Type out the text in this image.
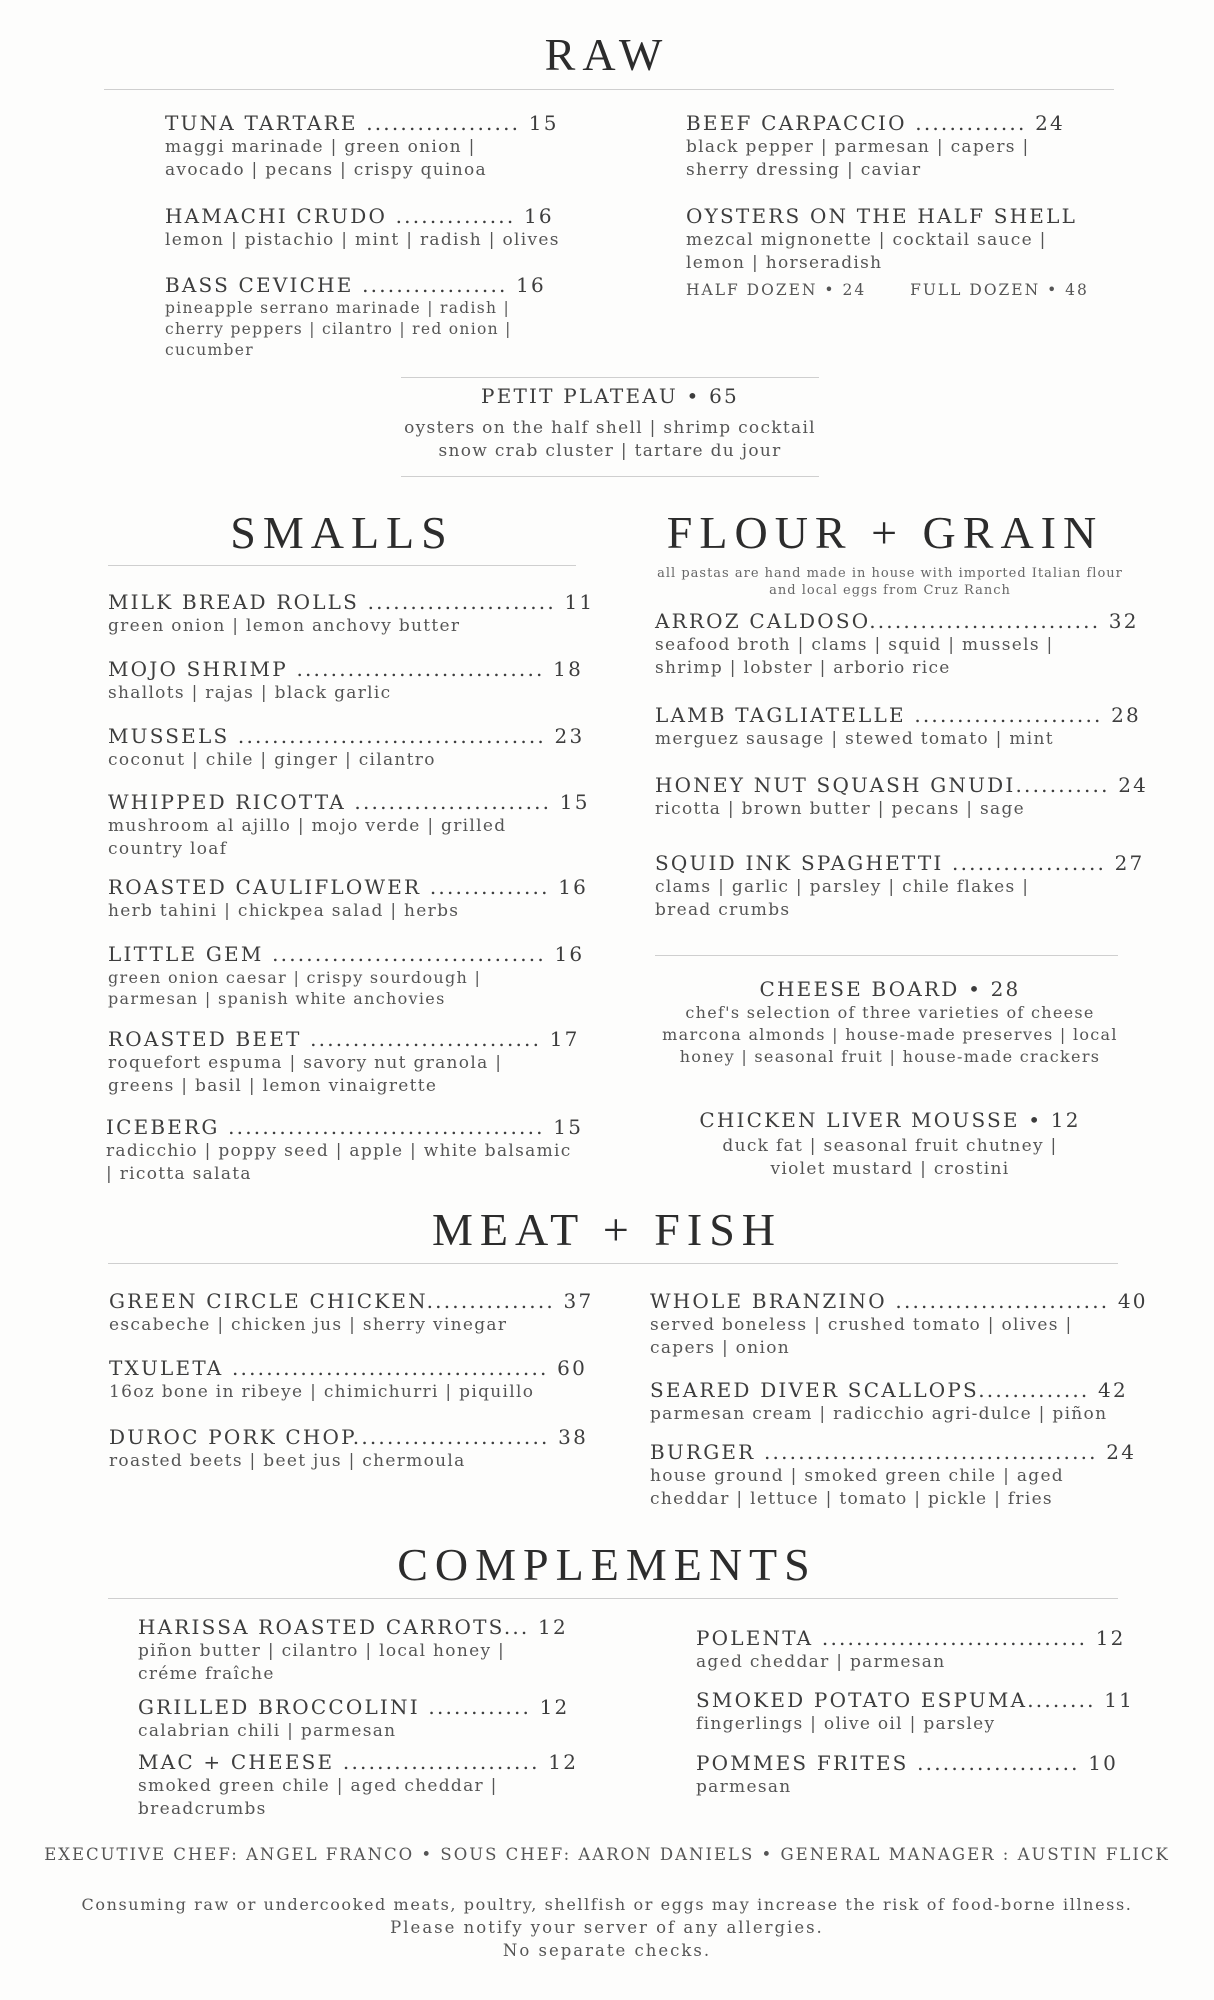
RAW
TUNA TARTARE .................. 15
maggi marinade | green onion | avocado | pecans | crispy quinoa
HAMACHI CRUDO .............. 16
lemon | pistachio | mint | radish | olives
BASS CEVICHE ................. 16
pineapple serrano marinade | radish | cherry peppers | cilantro | red onion | cucumber
BEEF CARPACCIO ............. 24
black pepper | parmesan | capers | sherry dressing | caviar
OYSTERS ON THE HALF SHELL
mezcal mignonette | cocktail sauce | lemon | horseradish
HALF DOZEN • 24	FULL DOZEN • 48
PETIT PLATEAU • 65
oysters on the half shell | shrimp cocktail
snow crab cluster | tartare du jour
SMALLS
MILK BREAD ROLLS ...................... 11
green onion | lemon anchovy butter
MOJO SHRIMP ............................. 18
shallots | rajas | black garlic
MUSSELS .................................... 23
coconut | chile | ginger | cilantro
WHIPPED RICOTTA ....................... 15
mushroom al ajillo | mojo verde | grilled country loaf
ROASTED CAULIFLOWER .............. 16
herb tahini | chickpea salad | herbs
LITTLE GEM ................................ 16
green onion caesar | crispy sourdough | parmesan | spanish white anchovies
ROASTED BEET ........................... 17
roquefort espuma | savory nut granola | greens | basil | lemon vinaigrette
ICEBERG ..................................... 15
radicchio | poppy seed | apple | white balsamic | ricotta salata
FLOUR + GRAIN
all pastas are hand made in house with imported Italian flour
and local eggs from Cruz Ranch
ARROZ CALDOSO........................... 32
seafood broth | clams | squid | mussels | shrimp | lobster | arborio rice
LAMB TAGLIATELLE ...................... 28
merguez sausage | stewed tomato | mint
HONEY NUT SQUASH GNUDI........... 24
ricotta | brown butter | pecans | sage
SQUID INK SPAGHETTI .................. 27
clams | garlic | parsley | chile flakes | bread crumbs
CHEESE BOARD • 28
chef's selection of three varieties of cheese
marcona almonds | house-made preserves | local
honey | seasonal fruit | house-made crackers
CHICKEN LIVER MOUSSE • 12
duck fat | seasonal fruit chutney |
violet mustard | crostini
MEAT + FISH
GREEN CIRCLE CHICKEN............... 37
escabeche | chicken jus | sherry vinegar
TXULETA ..................................... 60
16oz bone in ribeye | chimichurri | piquillo
DUROC PORK CHOP....................... 38
roasted beets | beet jus | chermoula
WHOLE BRANZINO ......................... 40
served boneless | crushed tomato | olives | capers | onion
SEARED DIVER SCALLOPS............. 42
parmesan cream | radicchio agri-dulce | piñon
BURGER ....................................... 24
house ground | smoked green chile | aged cheddar | lettuce | tomato | pickle | fries
COMPLEMENTS
HARISSA ROASTED CARROTS... 12
piñon butter | cilantro | local honey | créme fraîche
GRILLED BROCCOLINI ............ 12
calabrian chili | parmesan
MAC + CHEESE ....................... 12
smoked green chile | aged cheddar | breadcrumbs
POLENTA ............................... 12
aged cheddar | parmesan
SMOKED POTATO ESPUMA........ 11
fingerlings | olive oil | parsley
POMMES FRITES ................... 10
parmesan
EXECUTIVE CHEF: ANGEL FRANCO • SOUS CHEF: AARON DANIELS • GENERAL MANAGER : AUSTIN FLICK
Consuming raw or undercooked meats, poultry, shellfish or eggs may increase the risk of food-borne illness.
Please notify your server of any allergies.
No separate checks.
